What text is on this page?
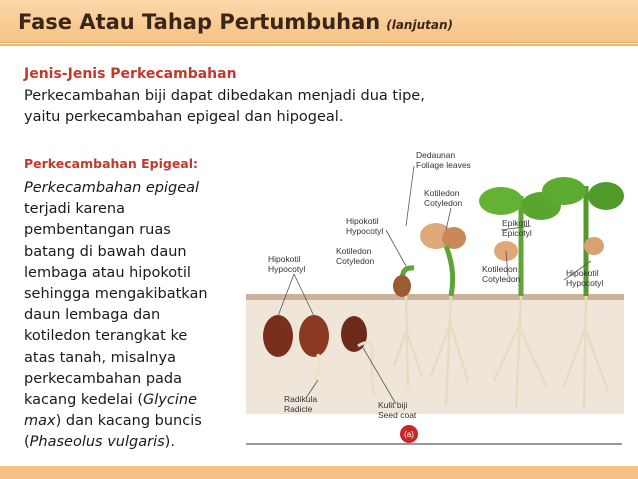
Fase Atau Tahap Pertumbuhan (lanjutan)
Jenis-Jenis Perkecambahan
Perkecambahan biji dapat dibedakan menjadi dua tipe,
yaitu perkecambahan epigeal dan hipogeal.
Perkecambahan Epigeal:
Perkecambahan epigeal
terjadi karena
pembentangan ruas
batang di bawah daun
lembaga atau hipokotil
sehingga mengakibatkan
daun lembaga dan
kotiledon terangkat ke
atas tanah, misalnya
perkecambahan pada
kacang kedelai (Glycine
max) dan kacang buncis
(Phaseolus vulgaris).
Dedaunan
Foliage leaves
Kotiledon
Cotyledon
Hipokotil
Hypocotyl
Epikotil
Epicotyl
Hipokotil
Hypocotyl
Kotiledon
Cotyledon
Kotiledon
Cotyledon
Hipokotil
Hypocotyl
Radikula
Radicle	Kulit biji
Seed coat
(a)
